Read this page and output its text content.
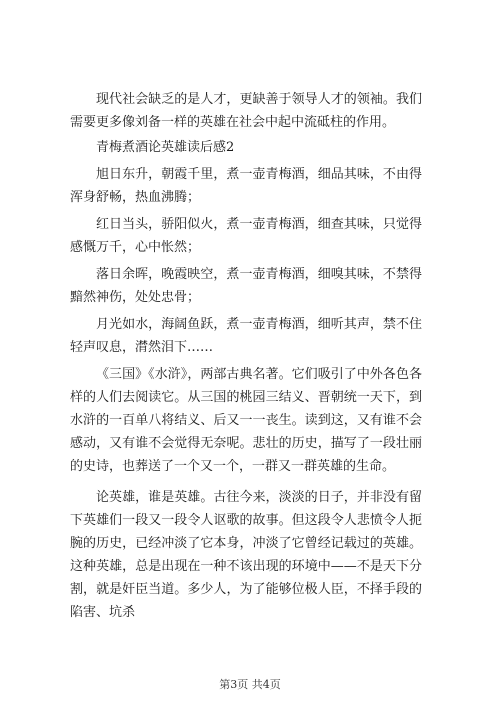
现代社会缺乏的是人才，更缺善于领导人才的领袖。我们需要更多像刘备一样的英雄在社会中起中流砥柱的作用。

青梅煮酒论英雄读后感2

旭日东升，朝霞千里，煮一壶青梅酒，细品其味，不由得浑身舒畅，热血沸腾；

红日当头，骄阳似火，煮一壶青梅酒，细查其味，只觉得感慨万千，心中怅然；

落日余晖，晚霞映空，煮一壶青梅酒，细嗅其味，不禁得黯然神伤，处处忠骨；

月光如水，海阔鱼跃，煮一壶青梅酒，细听其声，禁不住轻声叹息，潸然泪下……

《三国》《水浒》，两部古典名著。它们吸引了中外各色各样的人们去阅读它。从三国的桃园三结义、晋朝统一天下，到水浒的一百单八将结义、后又一一丧生。读到这，又有谁不会感动，又有谁不会觉得无奈呢。悲壮的历史，描写了一段壮丽的史诗，也葬送了一个又一个，一群又一群英雄的生命。

论英雄，谁是英雄。古往今来，淡淡的日子，并非没有留下英雄们一段又一段令人讴歌的故事。但这段令人悲愤令人扼腕的历史，已经冲淡了它本身，冲淡了它曾经记载过的英雄。这种英雄，总是出现在一种不该出现的环境中——不是天下分割，就是奸臣当道。多少人，为了能够位极人臣，不择手段的陷害、坑杀

第3页 共4页
